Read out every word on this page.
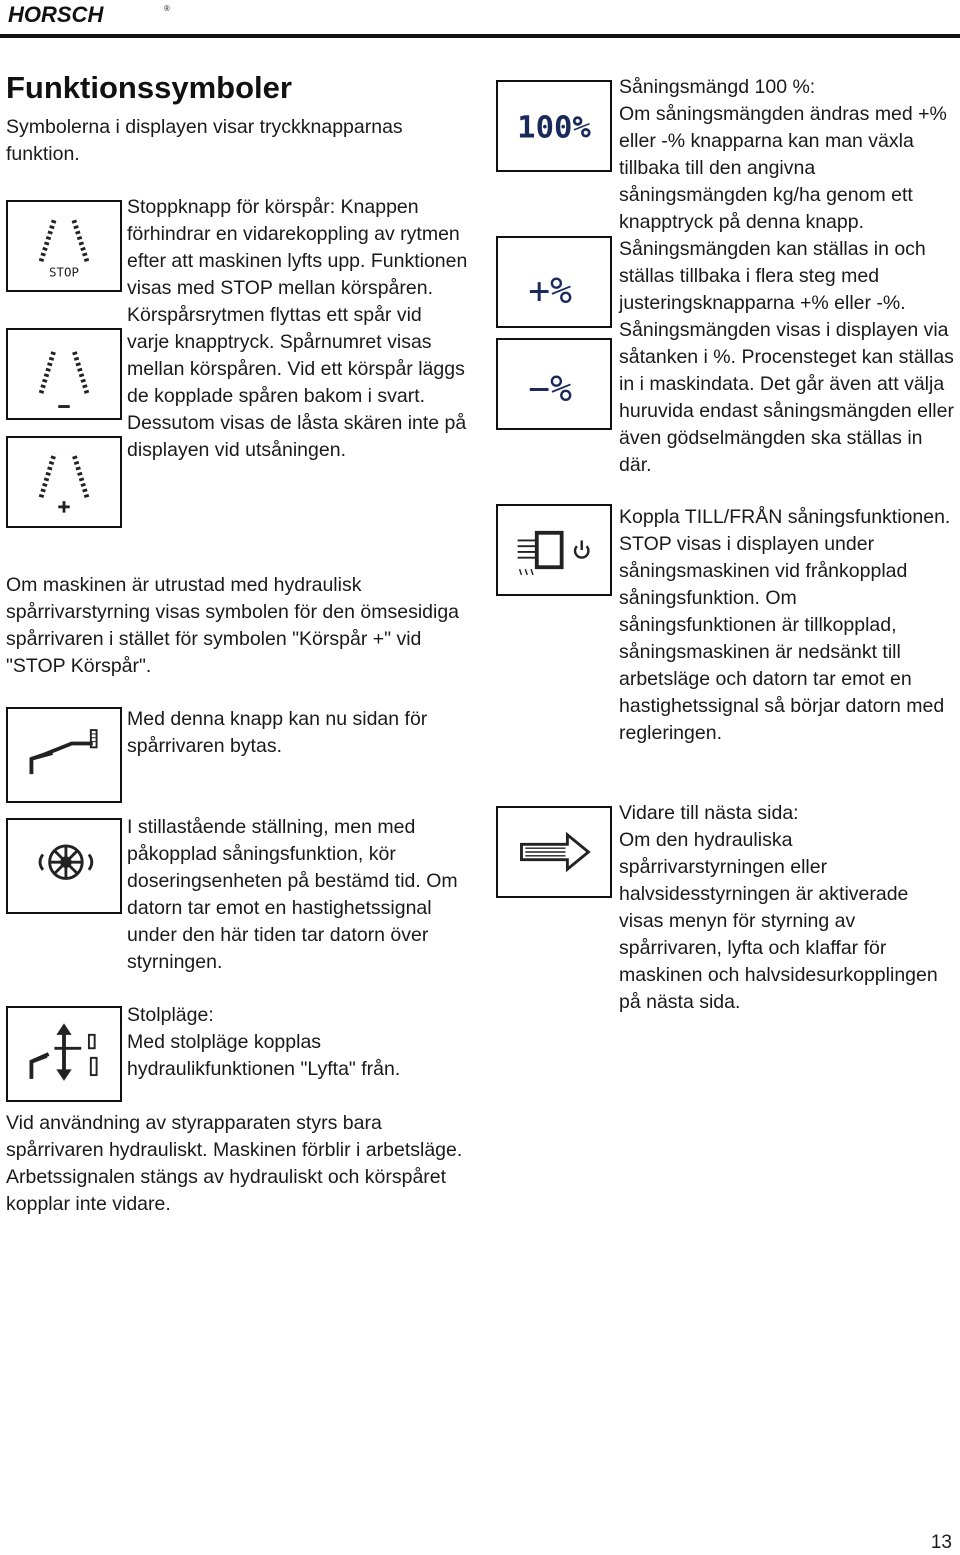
HORSCH	®
Funktionssymboler

Symbolerna i displayen visar tryckknapparnas funktion.

STOP

Stoppknapp för körspår: Knappen förhindrar en vidarekoppling av rytmen efter att maskinen lyfts upp. Funktionen visas med STOP mellan körspåren. Körspårsrytmen flyttas ett spår vid varje knapptryck. Spårnumret visas mellan körspåren. Vid ett körspår läggs de kopplade spåren bakom i svart. Dessutom visas de låsta skären inte på displayen vid utsåningen.

Om maskinen är utrustad med hydraulisk spårrivarstyrning visas symbolen för den ömsesidiga spårrivaren i stället för symbolen "Körspår +" vid "STOP Körspår".

Med denna knapp kan nu sidan för spårrivaren bytas.

I stillastående ställning, men med påkopplad såningsfunktion, kör doseringsenheten på bestämd tid. Om datorn tar emot en hastighetssignal under den här tiden tar datorn över styrningen.

Stolpläge:

Med stolpläge kopplas hydraulikfunktionen "Lyfta" från.

Vid användning av styrapparaten styrs bara spårrivaren hydrauliskt. Maskinen förblir i arbetsläge. Arbetssignalen stängs av hydrauliskt och körspåret kopplar inte vidare.

100%
+%
−%
Såningsmängd 100 %:
Om såningsmängden ändras med +% eller -% knapparna kan man växla tillbaka till den angivna såningsmängden kg/ha genom ett knapptryck på denna knapp. Såningsmängden kan ställas in och ställas tillbaka i flera steg med justeringsknapparna +% eller -%. Såningsmängden visas i displayen via såtanken i %. Procensteget kan ställas in i maskindata. Det går även att välja huruvida endast såningsmängden eller även gödselmängden ska ställas in där.

Koppla TILL/FRÅN såningsfunktionen. STOP visas i displayen under såningsmaskinen vid frånkopplad såningsfunktion. Om såningsfunktionen är tillkopplad, såningsmaskinen är nedsänkt till arbetsläge och datorn tar emot en hastighetssignal så börjar datorn med regleringen.

Vidare till nästa sida:
Om den hydrauliska spårrivarstyrningen eller halvsidesstyrningen är aktiverade visas menyn för styrning av spårrivaren, lyfta och klaffar för maskinen och halvsidesurkopplingen på nästa sida.
13
